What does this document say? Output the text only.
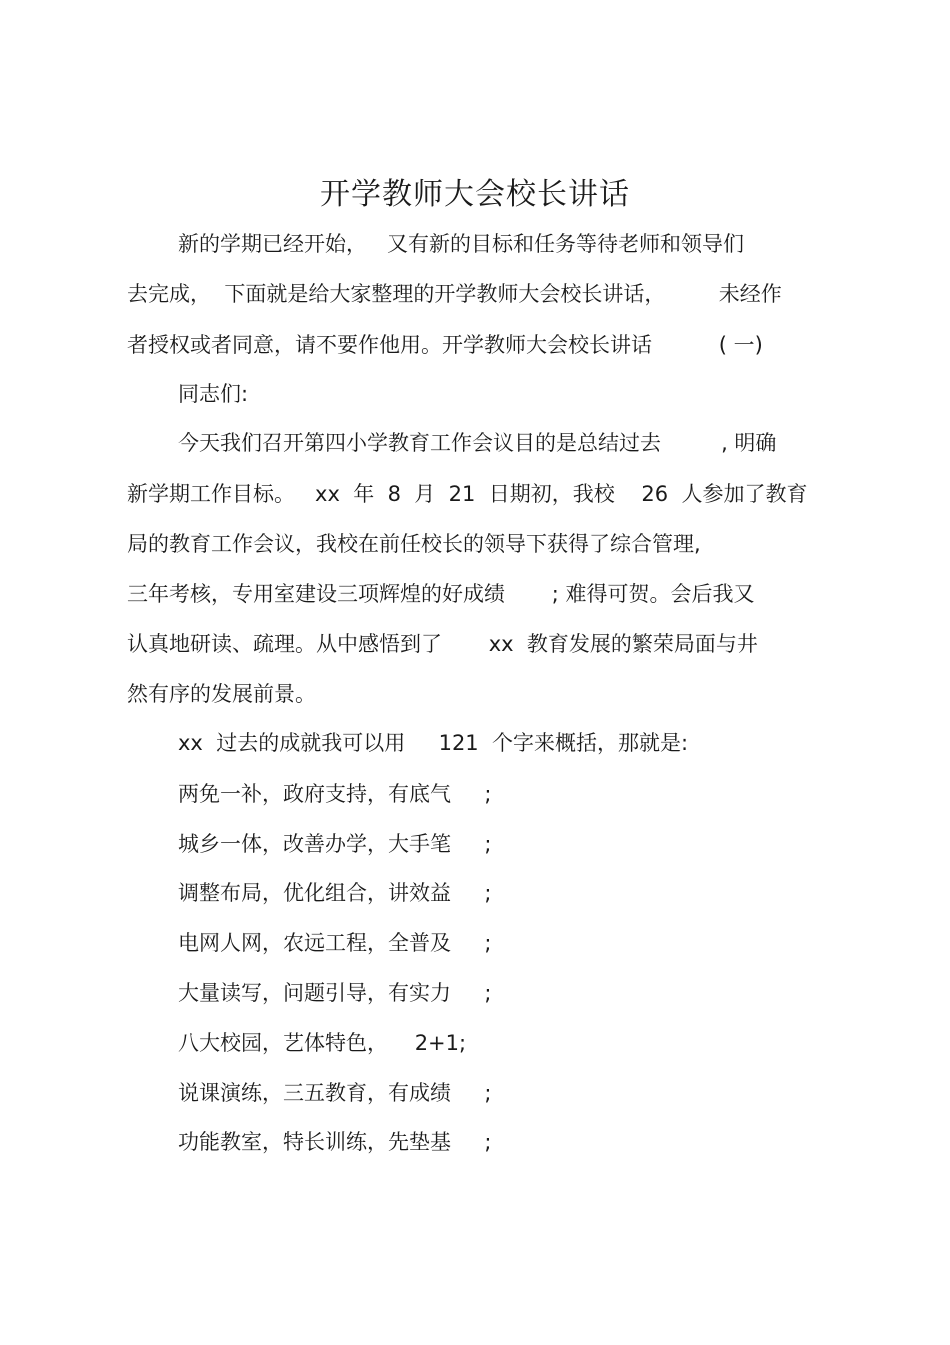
开学教师大会校长讲话

新的学期已经开始，   又有新的目标和任务等待老师和领导们

去完成，  下面就是给大家整理的开学教师大会校长讲话，        未经作

者授权或者同意，请不要作他用。开学教师大会校长讲话          ( 一)

同志们:

今天我们召开第四小学教育工作会议目的是总结过去         , 明确

新学期工作目标。   xx  年  8  月  21  日期初，我校    26  人参加了教育

局的教育工作会议，我校在前任校长的领导下获得了综合管理,

三年考核，专用室建设三项辉煌的好成绩       ; 难得可贺。会后我又

认真地研读、疏理。从中感悟到了       xx  教育发展的繁荣局面与井

然有序的发展前景。

xx  过去的成就我可以用     121  个字来概括，那就是:

两免一补，政府支持，有底气     ;

城乡一体，改善办学，大手笔     ;

调整布局，优化组合，讲效益     ;

电网人网，农远工程，全普及     ;

大量读写，问题引导，有实力     ;

八大校园，艺体特色，    2+1;

说课演练，三五教育，有成绩     ;

功能教室，特长训练，先垫基     ;
